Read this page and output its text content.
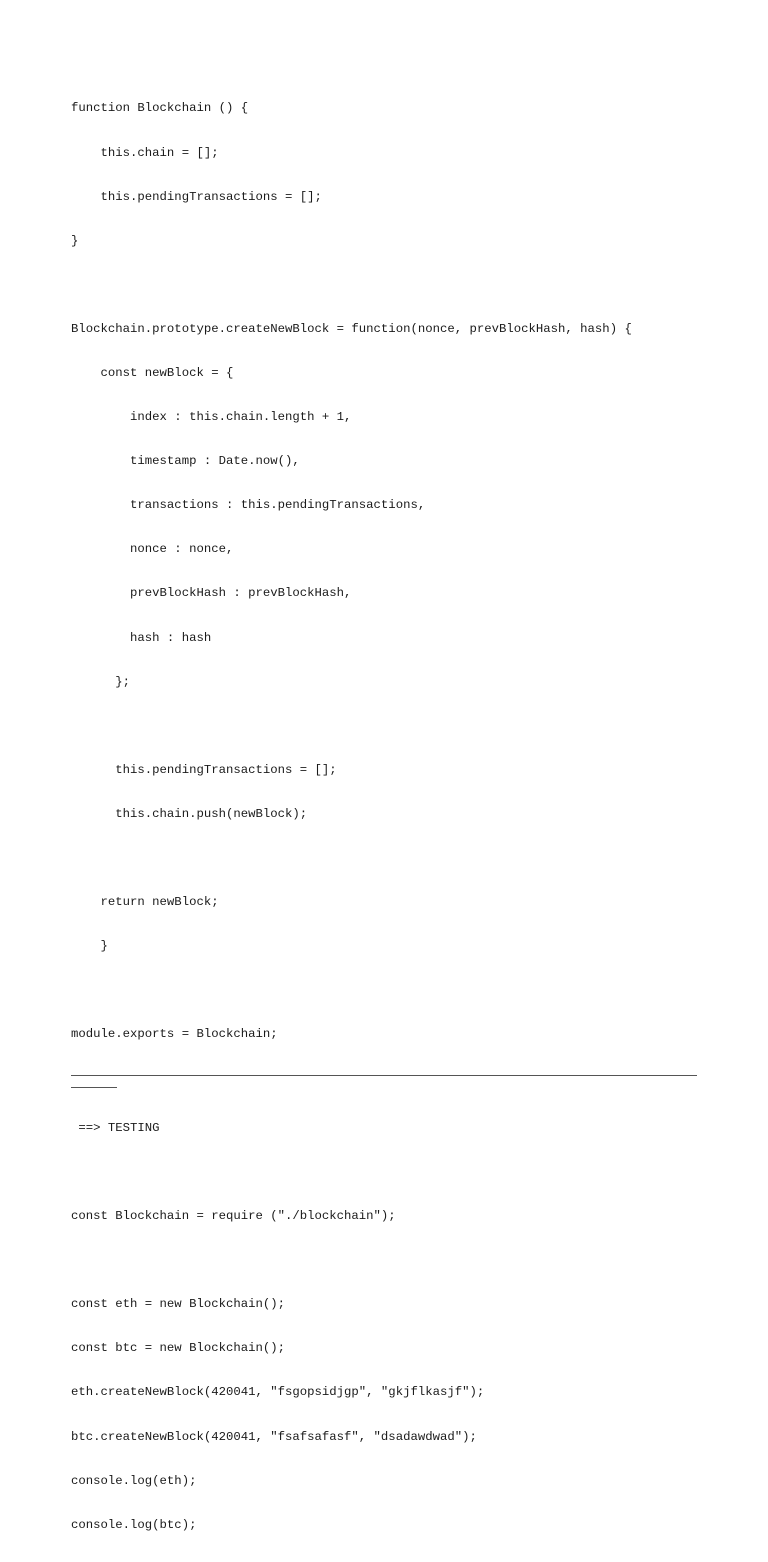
function Blockchain () {

this.chain = [];

this.pendingTransactions = [];

}

Blockchain.prototype.createNewBlock = function(nonce, prevBlockHash, hash) {

const newBlock = {

index : this.chain.length + 1,

timestamp : Date.now(),

transactions : this.pendingTransactions,

nonce : nonce,

prevBlockHash : prevBlockHash,

hash : hash

};

this.pendingTransactions = [];

this.chain.push(newBlock);

return newBlock;

}

module.exports = Blockchain;

==> TESTING

const Blockchain = require ("./blockchain");

const eth = new Blockchain();

const btc = new Blockchain();

eth.createNewBlock(420041, "fsgopsidjgp", "gkjflkasjf");

btc.createNewBlock(420041, "fsafsafasf", "dsadawdwad");

console.log(eth);

console.log(btc);
